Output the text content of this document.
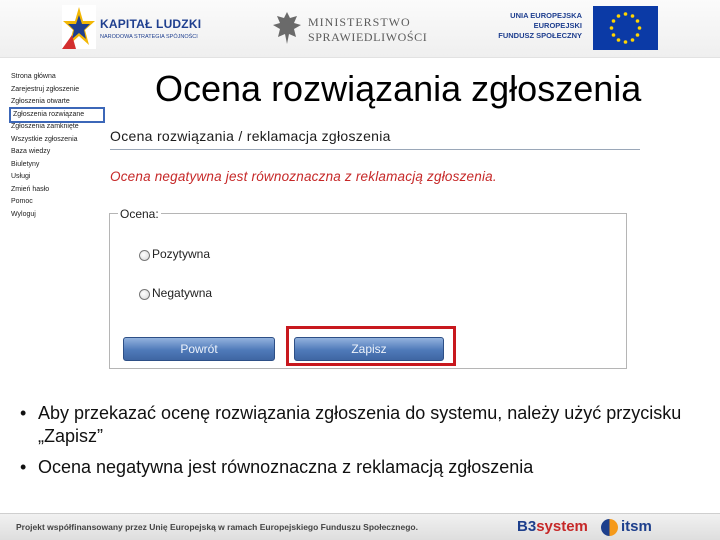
KAPITAŁ LUDZKI
NARODOWA STRATEGIA SPÓJNOŚCI
MINISTERSTWO
SPRAWIEDLIWOŚCI
UNIA EUROPEJSKA
EUROPEJSKI
FUNDUSZ SPOŁECZNY
Strona główna
Zarejestruj zgłoszenie
Zgłoszenia otwarte
Zgłoszenia rozwiązane
Zgłoszenia zamknięte
Wszystkie zgłoszenia
Baza wiedzy
Biuletyny
Usługi
Zmień hasło
Pomoc
Wyloguj
Ocena rozwiązania zgłoszenia
Ocena rozwiązania / reklamacja zgłoszenia
Ocena negatywna jest równoznaczna z reklamacją zgłoszenia.
Ocena:
Pozytywna
Negatywna
Powrót	Zapisz
• Aby przekazać ocenę rozwiązania zgłoszenia do systemu, należy użyć przycisku „Zapisz”
• Ocena negatywna jest równoznaczna z reklamacją zgłoszenia
Projekt współfinansowany przez Unię Europejską w ramach Europejskiego Funduszu Społecznego.	B3system itsm
